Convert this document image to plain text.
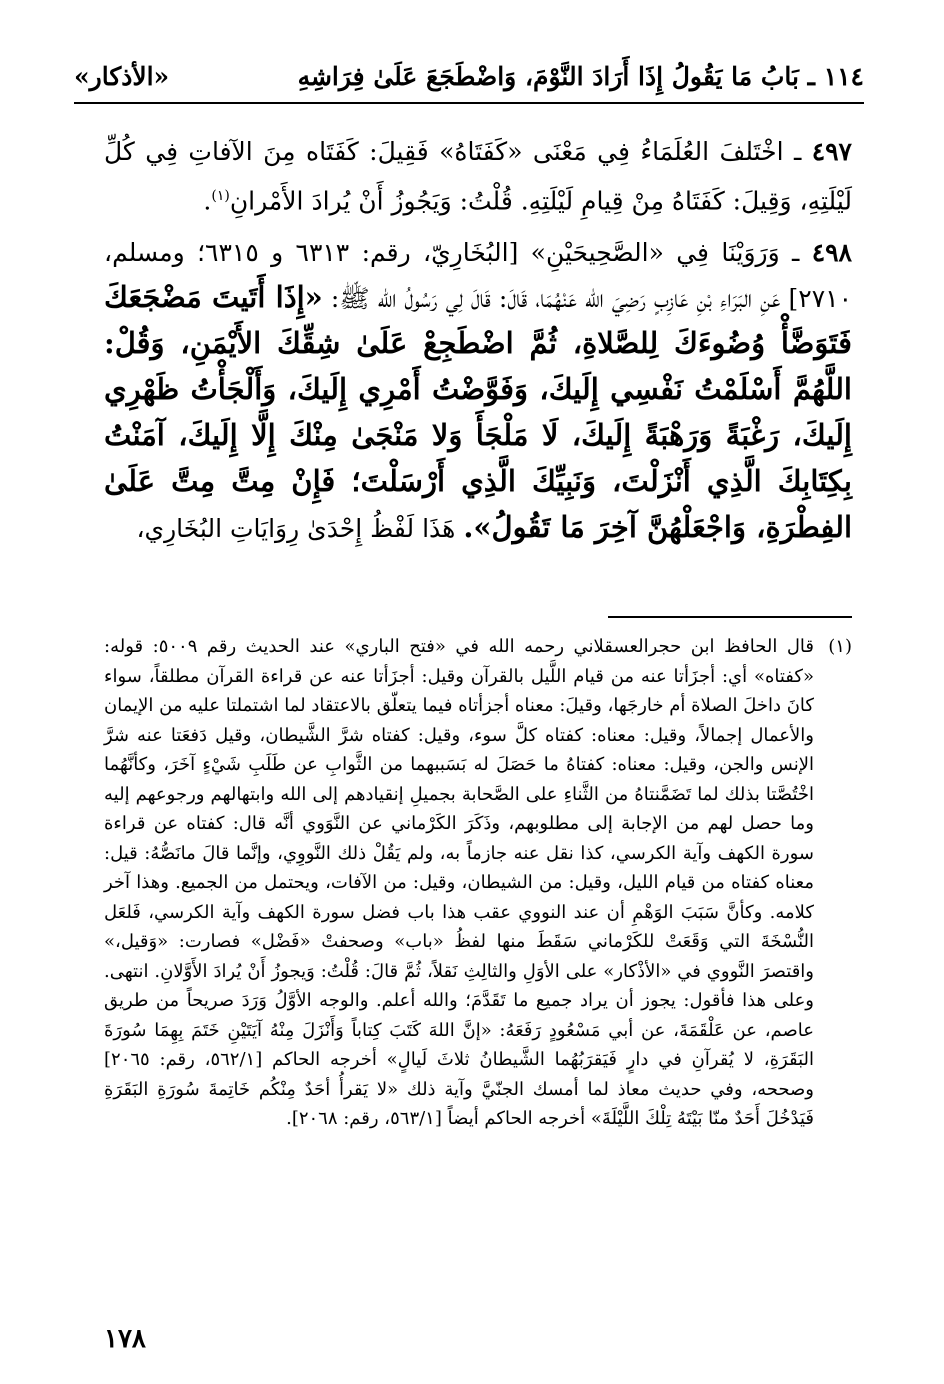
١١٤ ـ بَابُ مَا يَقُولُ إِذَا أَرَادَ النَّوْمَ، وَاضْطَجَعَ عَلَىٰ فِرَاشِهِ
«الأذكار»

٤٩٧ ـ اخْتَلفَ العُلَمَاءُ فِي مَعْنَى «كَفَتَاهُ» فَقِيلَ: كَفَتَاه مِنَ الآفاتِ فِي كُلِّ لَيْلَتِهِ، وَقِيلَ: كَفَتَاهُ مِنْ قِيامِ لَيْلَتِهِ. قُلْتُ: وَيَجُوزُ أَنْ يُرادَ الأَمْرانِ$^{(١)}$.

٤٩٨ ـ وَرَوَيْنَا فِي «الصَّحِيحَيْنِ» [البُخَارِيّ، رقم: ٦٣١٣ و ٦٣١٥؛ ومسلم، ٢٧١٠] عَنِ البَرَاءِ بْنِ عَازِبٍ رَضِيَ الله عَنْهُمَا، قَالَ: قَالَ لِي رَسُولُ الله ﷺ: «إِذَا أَتَيتَ مَضْجَعَكَ فَتَوَضَّأْ وُضُوءَكَ لِلصَّلاةِ، ثُمَّ اضْطَجِعْ عَلَىٰ شِقِّكَ الأَيْمَنِ، وَقُلْ: اللَّهُمَّ أَسْلَمْتُ نَفْسِي إِلَيكَ، وَفَوَّضْتُ أَمْرِي إِلَيكَ، وَأَلْجَأْتُ ظَهْرِي إِلَيكَ، رَغْبَةً وَرَهْبَةً إِلَيكَ، لَا مَلْجَأَ وَلا مَنْجَىٰ مِنْكَ إِلَّا إِلَيكَ، آمَنْتُ بِكِتَابِكَ الَّذِي أَنْزَلْتَ، وَنَبِيِّكَ الَّذِي أَرْسَلْتَ؛ فَإِنْ مِتَّ مِتَّ عَلَىٰ الفِطْرَةِ، وَاجْعَلْهُنَّ آخِرَ مَا تَقُولُ». هَذَا لَفْظُ إِحْدَىٰ رِوَايَاتِ البُخَارِي،

(١)
قال الحافظ ابن حجرالعسقلاني رحمه الله في «فتح الباري» عند الحديث رقم ٥٠٠٩: قوله: «كفتاه» أي: أجزَأتا عنه من قيام اللَّيل بالقرآن وقيل: أجزَأتا عنه عن قراءة القرآن مطلقاً، سواء كانَ داخلَ الصلاة أم خارجَها، وقيلَ: معناه أجزأتاه فيما يتعلّق بالاعتقاد لما اشتملتا عليه من الإيمان والأعمال إجمالاً، وقيل: معناه: كفتاه كلَّ سوء، وقيل: كفتاه شرَّ الشَّيطان، وقيل دَفعَتا عنه شرَّ الإنس والجن، وقيل: معناه: كفتاهُ ما حَصَلَ له بَسَببهما من الثَّوابِ عن طَلَبِ شَيْءٍ آخَرَ، وكأنَّهُما اخْتُصَّتا بذلك لما تَضَمَّنتاهُ من الثَّناءِ على الصَّحابة بجميلِ إنقيادهم إلى الله وابتهالهم ورجوعهم إليه وما حصل لهم من الإجابة إلى مطلوبهم، وذَكَرَ الكَرْماني عن النَّوَوي أنَّه قال: كفتاه عن قراءة سورة الكهف وآية الكرسي، كذا نقل عنه جازماً به، ولم يَقُلْ ذلك النَّووِي، وإنَّما قالَ مانَصُّهُ: قيل: معناه كفتاه من قيام الليل، وقيل: من الشيطان، وقيل: من الآفات، ويحتمل من الجميع. وهذا آخر كلامه. وكأنَّ سَبَبَ الوَهْمِ أن عند النووي عقب هذا باب فضل سورة الكهف وآية الكرسي، فَلعَل النُّسْخَةَ التي وَقَعَتْ للكَرْماني سَقَطَ منها لفظُ «باب» وصحفتْ «فَضْل» فصارت: «وَقيل،» واقتصرَ النَّووي في «الأذْكار» على الأوَلِ والثالِثِ نَقلاً، ثُمَّ قالَ: قُلْتُ: وَيجوزُ أَنْ يُرادَ الأَوَّلانِ. انتهى. وعلى هذا فأقول: يجوز أن يراد جميع ما تَقَدَّمَ؛ والله أعلم. والوجه الأوَّلُ وَرَدَ صريحاً من طريق عاصم، عن عَلْقَمَةَ، عن أبي مَسْعُودٍ رَفَعَهُ: «إنَّ اللهَ كَتَبَ كِتاباً وَأَنْزَلَ مِنْهُ آيَتَيْنِ خَتَمَ بِهِمَا سُورَةَ البَقَرَةِ، لا يُقرآنِ في دارٍ فَيَقرَبُهُما الشَّيطانُ ثلاثَ لَيالٍ» أخرجه الحاكم [٥٦٢/١، رقم: ٢٠٦٥] وصححه، وفي حديث معاذ لما أمسك الجنّيَّ وآية ذلك «لا يَقرأُ أحَدٌ مِنْكُم خَاتِمةَ سُورَةِ البَقَرَةِ فَيَدْخُلَ أَحَدٌ منّا بَيْتَهُ تِلْكَ اللَّيْلَةَ» أخرجه الحاكم أيضاً [٥٦٣/١، رقم: ٢٠٦٨].
١٧٨
